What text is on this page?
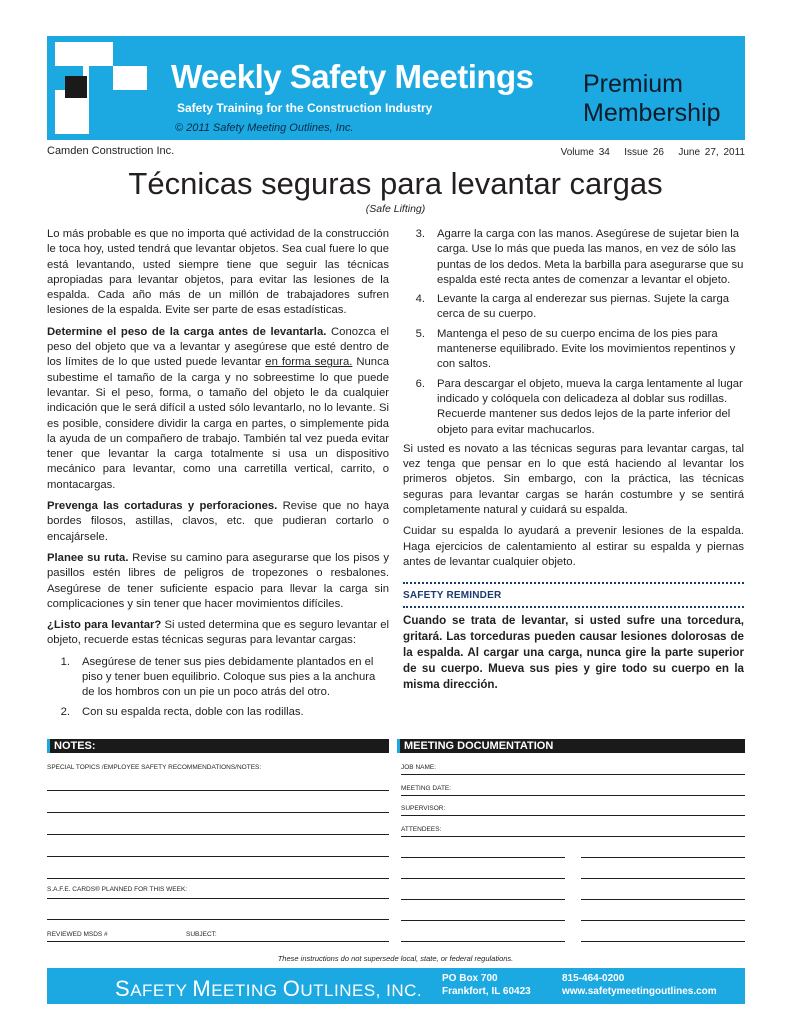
Weekly Safety Meetings
Safety Training for the Construction Industry
© 2011 Safety Meeting Outlines, Inc.
Premium
Membership
Camden Construction Inc.	Volume 34 Issue 26 June 27, 2011
Técnicas seguras para levantar cargas
(Safe Lifting)

Lo más probable es que no importa qué actividad de la construcción le toca hoy, usted tendrá que levantar objetos. Sea cual fuere lo que está levantando, usted siempre tiene que seguir las técnicas apropiadas para levantar objetos, para evitar las lesiones de la espalda. Cada año más de un millón de trabajadores sufren lesiones de la espalda. Evite ser parte de esas estadísticas.

Determine el peso de la carga antes de levantarla. Conozca el peso del objeto que va a levantar y asegúrese que esté dentro de los límites de lo que usted puede levantar en forma segura. Nunca subestime el tamaño de la carga y no sobreestime lo que puede levantar. Si el peso, forma, o tamaño del objeto le da cualquier indicación que le será difícil a usted sólo levantarlo, no lo levante. Si es posible, considere dividir la carga en partes, o simplemente pida la ayuda de un compañero de trabajo. También tal vez pueda evitar tener que levantar la carga totalmente si usa un dispositivo mecánico para levantar, como una carretilla vertical, carrito, o montacargas.

Prevenga las cortaduras y perforaciones. Revise que no haya bordes filosos, astillas, clavos, etc. que pudieran cortarlo o encajársele.

Planee su ruta. Revise su camino para asegurarse que los pisos y pasillos estén libres de peligros de tropezones o resbalones. Asegúrese de tener suficiente espacio para llevar la carga sin complicaciones y sin tener que hacer movimientos difíciles.

¿Listo para levantar? Si usted determina que es seguro levantar el objeto, recuerde estas técnicas seguras para levantar cargas:

1.	Asegúrese de tener sus pies debidamente plantados en el piso y tener buen equilibrio. Coloque sus pies a la anchura de los hombros con un pie un poco atrás del otro.
2.	Con su espalda recta, doble con las rodillas.
3.	Agarre la carga con las manos. Asegúrese de sujetar bien la carga. Use lo más que pueda las manos, en vez de sólo las puntas de los dedos. Meta la barbilla para asegurarse que su espalda esté recta antes de comenzar a levantar el objeto.
4.	Levante la carga al enderezar sus piernas. Sujete la carga cerca de su cuerpo.
5.	Mantenga el peso de su cuerpo encima de los pies para mantenerse equilibrado. Evite los movimientos repentinos y con saltos.
6.	Para descargar el objeto, mueva la carga lentamente al lugar indicado y colóquela con delicadeza al doblar sus rodillas. Recuerde mantener sus dedos lejos de la parte inferior del objeto para evitar machucarlos.

Si usted es novato a las técnicas seguras para levantar cargas, tal vez tenga que pensar en lo que está haciendo al levantar los primeros objetos. Sin embargo, con la práctica, las técnicas seguras para levantar cargas se harán costumbre y se sentirá completamente natural y cuidará su espalda.

Cuidar su espalda lo ayudará a prevenir lesiones de la espalda. Haga ejercicios de calentamiento al estirar su espalda y piernas antes de levantar cualquier objeto.

SAFETY REMINDER
Cuando se trata de levantar, si usted sufre una torcedura, gritará. Las torceduras pueden causar lesiones dolorosas de la espalda. Al cargar una carga, nunca gire la parte superior de su cuerpo. Mueva sus pies y gire todo su cuerpo en la misma dirección.
NOTES:
SPECIAL TOPICS /EMPLOYEE SAFETY RECOMMENDATIONS/NOTES:
S.A.F.E. CARDS® PLANNED FOR THIS WEEK:
REVIEWED MSDS #	SUBJECT:
MEETING DOCUMENTATION
JOB NAME:
MEETING DATE:
SUPERVISOR:
ATTENDEES:
These instructions do not supersede local, state, or federal regulations.
SAFETY MEETING OUTLINES, INC.
PO Box 700
Frankfort, IL 60423
815-464-0200
www.safetymeetingoutlines.com
